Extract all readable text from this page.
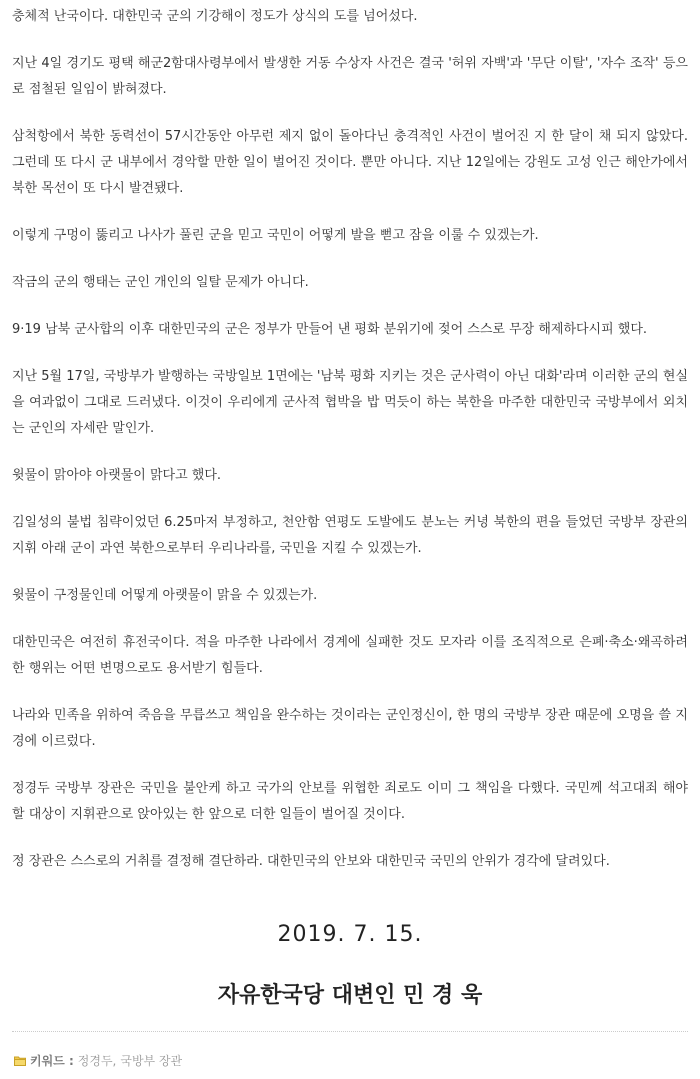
충체적 난국이다. 대한민국 군의 기강해이 정도가 상식의 도를 넘어섰다.

지난 4일 경기도 평택 해군2함대사령부에서 발생한 거동 수상자 사건은 결국 '허위 자백'과 '무단 이탈', '자수 조작' 등으로 점철된 일임이 밝혀졌다.

삼척항에서 북한 동력선이 57시간동안 아무런 제지 없이 돌아다닌 충격적인 사건이 벌어진 지 한 달이 채 되지 않았다. 그런데 또 다시 군 내부에서 경악할 만한 일이 벌어진 것이다. 뿐만 아니다. 지난 12일에는 강원도 고성 인근 해안가에서 북한 목선이 또 다시 발견됐다.

이렇게 구멍이 뚫리고 나사가 풀린 군을 믿고 국민이 어떻게 발을 뻗고 잠을 이룰 수 있겠는가.

작금의 군의 행태는 군인 개인의 일탈 문제가 아니다.

9·19 남북 군사합의 이후 대한민국의 군은 정부가 만들어 낸 평화 분위기에 젖어 스스로 무장 해제하다시피 했다.

지난 5월 17일, 국방부가 발행하는 국방일보 1면에는 '남북 평화 지키는 것은 군사력이 아닌 대화'라며 이러한 군의 현실을 여과없이 그대로 드러냈다. 이것이 우리에게 군사적 협박을 밥 먹듯이 하는 북한을 마주한 대한민국 국방부에서 외치는 군인의 자세란 말인가.

윗물이 맑아야 아랫물이 맑다고 했다.

김일성의 불법 침략이었던 6.25마저 부정하고, 천안함 연평도 도발에도 분노는 커녕 북한의 편을 들었던 국방부 장관의 지휘 아래 군이 과연 북한으로부터 우리나라를, 국민을 지킬 수 있겠는가.

윗물이 구정물인데 어떻게 아랫물이 맑을 수 있겠는가.

대한민국은 여전히 휴전국이다. 적을 마주한 나라에서 경계에 실패한 것도 모자라 이를 조직적으로 은폐·축소·왜곡하려 한 행위는 어떤 변명으로도 용서받기 힘들다.

나라와 민족을 위하여 죽음을 무릅쓰고 책임을 완수하는 것이라는 군인정신이, 한 명의 국방부 장관 때문에 오명을 쓸 지경에 이르렀다.

정경두 국방부 장관은 국민을 불안케 하고 국가의 안보를 위협한 죄로도 이미 그 책임을 다했다. 국민께 석고대죄 해야 할 대상이 지휘관으로 앉아있는 한 앞으로 더한 일들이 벌어질 것이다.

정 장관은 스스로의 거취를 결정해 결단하라. 대한민국의 안보와 대한민국 국민의 안위가 경각에 달려있다.

2019. 7. 15.
자유한국당 대변인 민 경 욱
키워드 : 정경두 , 국방부 장관
